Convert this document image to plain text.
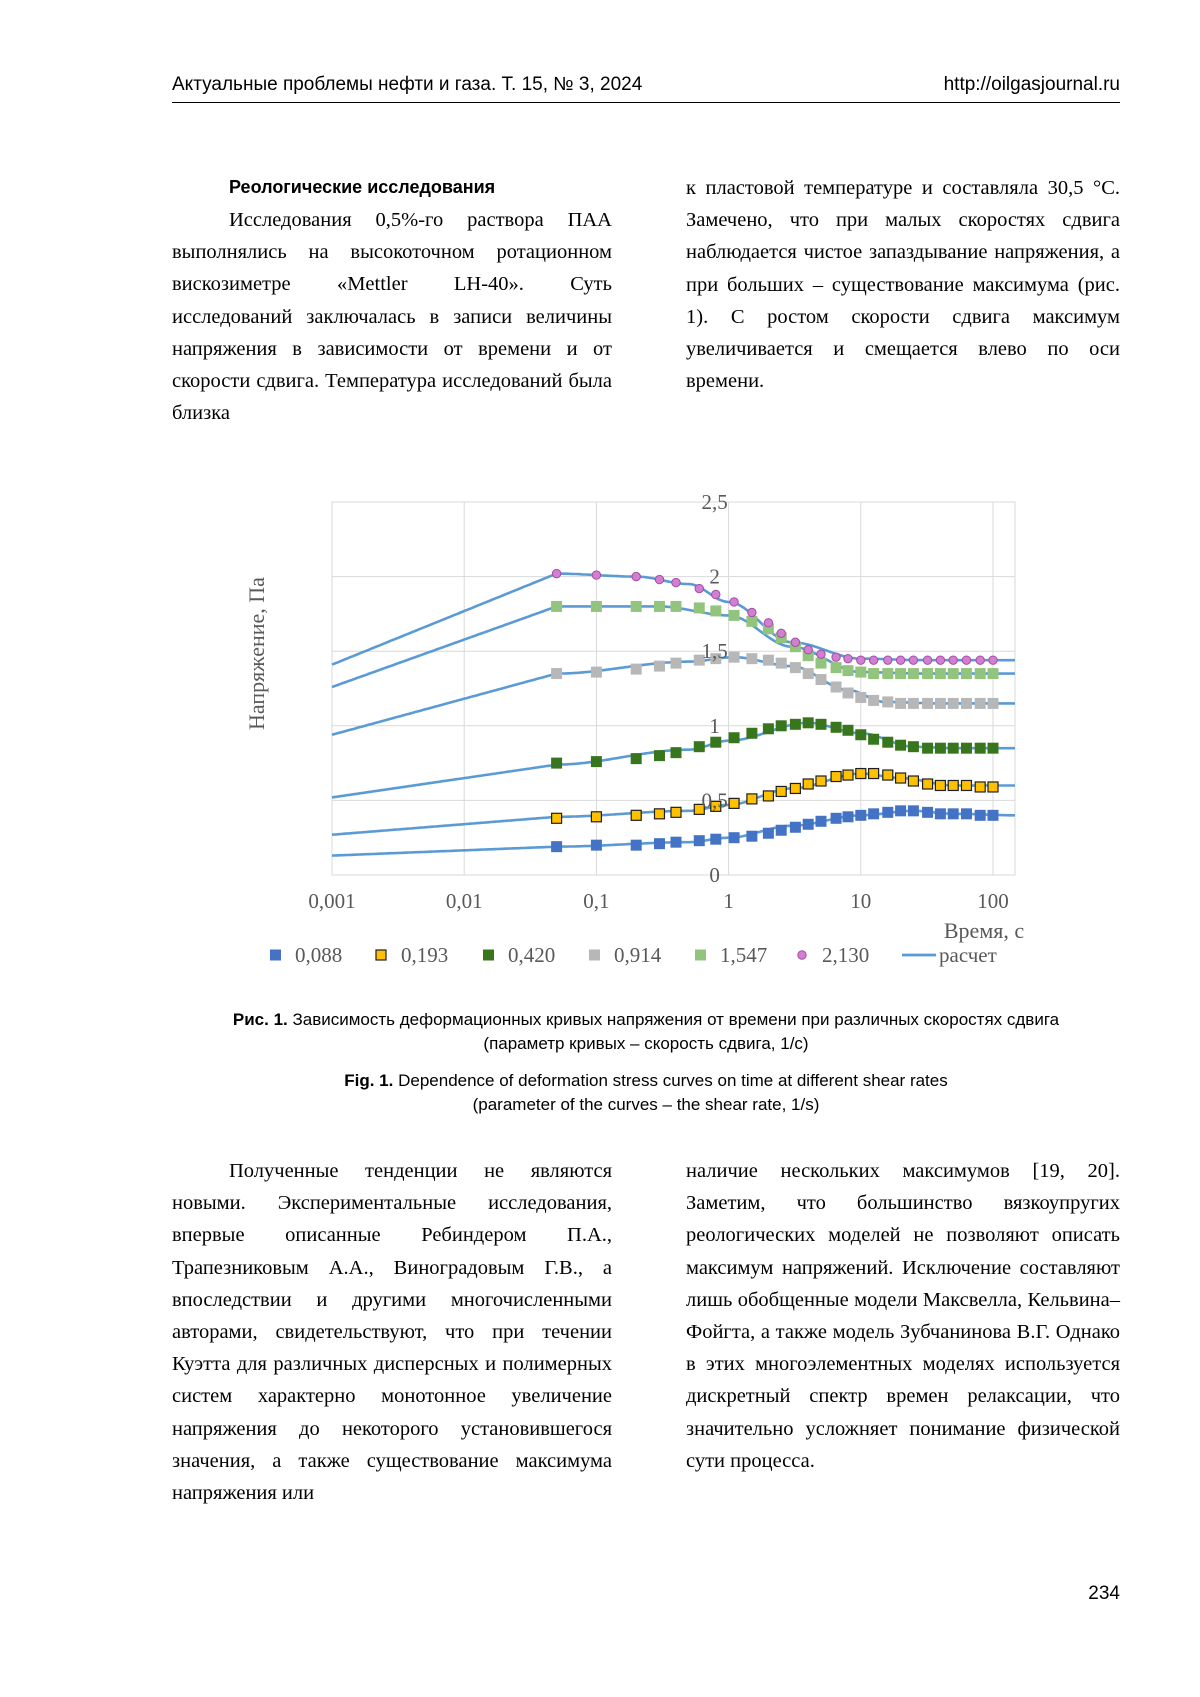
Актуальные проблемы нефти и газа. Т. 15, № 3, 2024	http://oilgasjournal.ru
Реологические исследования

Исследования 0,5%-го раствора ПАА выполнялись на высокоточном ротационном вискозиметре «Mettler LH-40». Суть исследований заключалась в записи величины напряжения в зависимости от времени и от скорости сдвига. Температура исследований была близка

к пластовой температуре и составляла 30,5 °C. Замечено, что при малых скоростях сдвига наблюдается чистое запаздывание напряжения, а при больших – существование максимума (рис. 1). С ростом скорости сдвига максимум увеличивается и смещается влево по оси времени.

0
0,5
1
1,5
2
2,5
0,001	0,01	0,1	1	10	100
Напряжение, Па
Время, с
0,088	0,193	0,420	0,914	1,547	2,130	расчет
Рис. 1. Зависимость деформационных кривых напряжения от времени при различных скоростях сдвига
(параметр кривых – скорость сдвига, 1/с)
Fig. 1. Dependence of deformation stress curves on time at different shear rates
(parameter of the curves – the shear rate, 1/s)

Полученные тенденции не являются новыми. Экспериментальные исследования, впервые описанные Ребиндером П.А., Трапезниковым А.А., Виноградовым Г.В., а впоследствии и другими многочисленными авторами, свидетельствуют, что при течении Куэтта для различных дисперсных и полимерных систем характерно монотонное увеличение напряжения до некоторого установившегося значения, а также существование максимума напряжения или

наличие нескольких максимумов [19, 20]. Заметим, что большинство вязкоупругих реологических моделей не позволяют описать максимум напряжений. Исключение составляют лишь обобщенные модели Максвелла, Кельвина–Фойгта, а также модель Зубчанинова В.Г. Однако в этих многоэлементных моделях используется дискретный спектр времен релаксации, что значительно усложняет понимание физической сути процесса.

234
